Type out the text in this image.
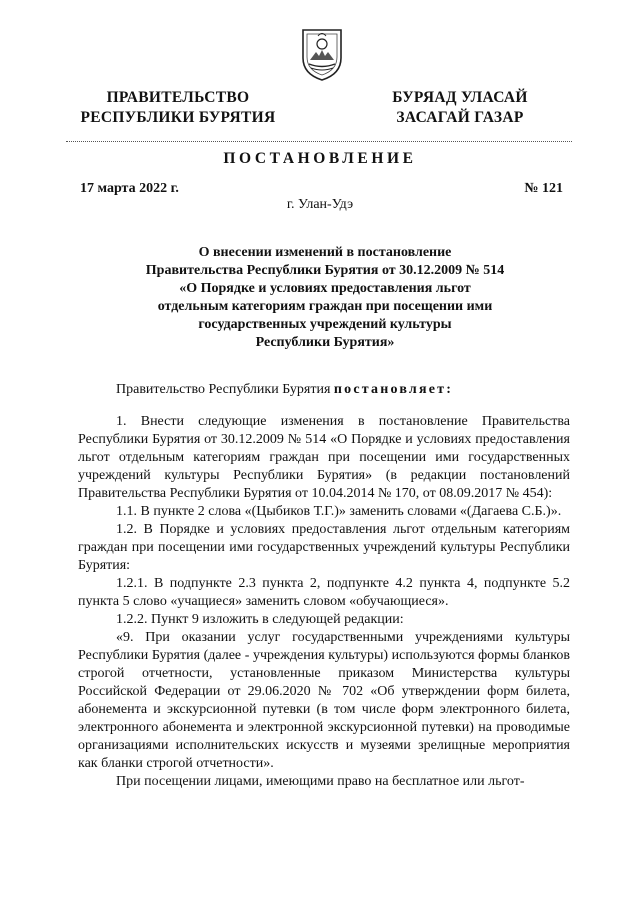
ПРАВИТЕЛЬСТВО
РЕСПУБЛИКИ БУРЯТИЯ
БУРЯАД УЛАСАЙ
ЗАСАГАЙ ГАЗАР
ПОСТАНОВЛЕНИЕ
17 марта 2022 г.	№ 121
г. Улан-Удэ
О внесении изменений в постановление
Правительства Республики Бурятия от 30.12.2009 № 514
«О Порядке и условиях предоставления льгот
отдельным категориям граждан при посещении ими
государственных учреждений культуры
Республики Бурятия»

Правительство Республики Бурятия постановляет:

1. Внести следующие изменения в постановление Правительства Республики Бурятия от 30.12.2009 № 514 «О Порядке и условиях предоставления льгот отдельным категориям граждан при посещении ими государственных учреждений культуры Республики Бурятия» (в редакции постановлений Правительства Республики Бурятия от 10.04.2014 № 170, от 08.09.2017 № 454):

1.1. В пункте 2 слова «(Цыбиков Т.Г.)» заменить словами «(Дагаева С.Б.)».

1.2. В Порядке и условиях предоставления льгот отдельным категориям граждан при посещении ими государственных учреждений культуры Республики Бурятия:

1.2.1. В подпункте 2.3 пункта 2, подпункте 4.2 пункта 4, подпункте 5.2 пункта 5 слово «учащиеся» заменить словом «обучающиеся».

1.2.2. Пункт 9 изложить в следующей редакции:

«9. При оказании услуг государственными учреждениями культуры Республики Бурятия (далее - учреждения культуры) используются формы бланков строгой отчетности, установленные приказом Министерства культуры Российской Федерации от 29.06.2020 № 702 «Об утверждении форм билета, абонемента и экскурсионной путевки (в том числе форм электронного билета, электронного абонемента и электронной экскурсионной путевки) на проводимые организациями исполнительских искусств и музеями зрелищные мероприятия как бланки строгой отчетности».

При посещении лицами, имеющими право на бесплатное или льгот-
